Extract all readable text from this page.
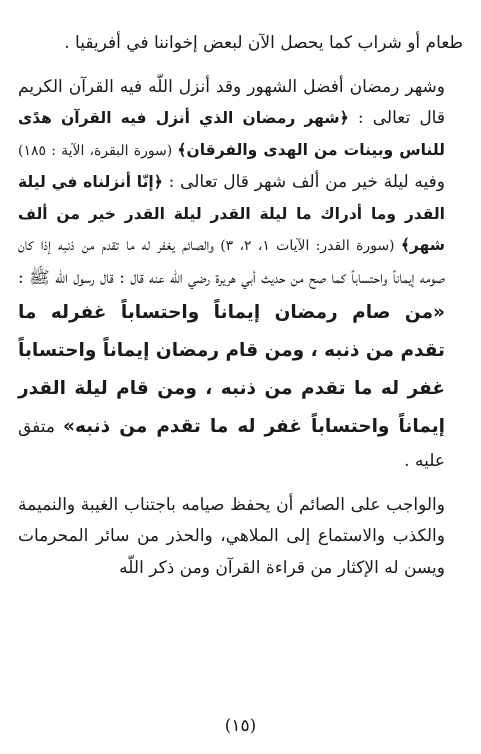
طعام أو شراب كما يحصل الآن لبعض إخواننا في أفريقيا .

وشهر رمضان أفضل الشهور وقد أنزل اللّه فيه القرآن الكريم قال تعالى : ﴿شهر رمضان الذي أنزل فيه القرآن هدًى للناس وبينات من الهدى والفرقان﴾ (سورة البقرة، الآية : ١٨٥) وفيه ليلة خير من ألف شهر قال تعالى : ﴿إنّا أنزلناه في ليلة القدر وما أدراك ما ليلة القدر ليلة القدر خير من ألف شهر﴾ (سورة القدر: الآيات ١، ٢، ٣) والصائم يغفر له ما تقدم من ذنبه إذا كان صومه إيماناً واحتساباً كما صح من حديث أبي هريرة رضي اللّه عنه قال : قال رسول اللّه ﷺ : «من صام رمضان إيماناً واحتساباً غفرله ما تقدم من ذنبه ، ومن قام رمضان إيماناً واحتساباً غفر له ما تقدم من ذنبه ، ومن قام ليلة القدر إيماناً واحتساباً غفر له ما تقدم من ذنبه» متفق عليه .

والواجب على الصائم أن يحفظ صيامه باجتناب الغيبة والنميمة والكذب والاستماع إلى الملاهي، والحذر من سائر المحرمات ويسن له الإكثار من قراءة القرآن ومن ذكر اللّه

(١٥)
